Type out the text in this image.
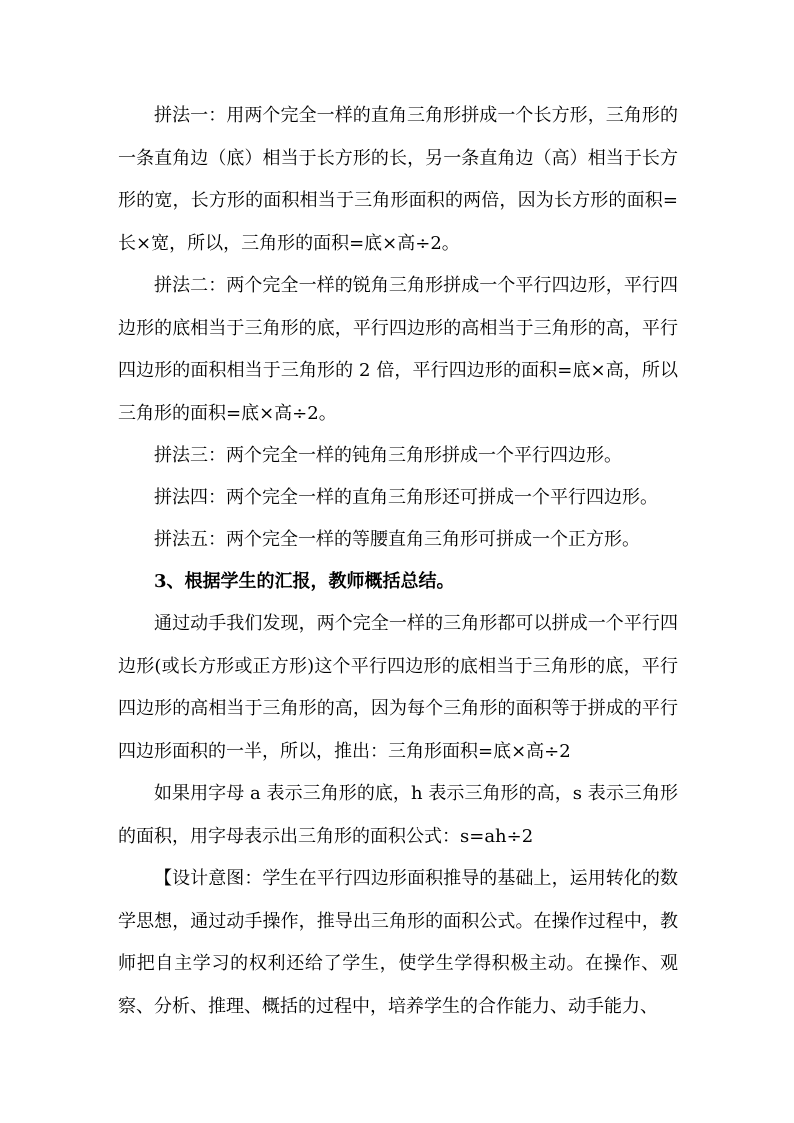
拼法一：用两个完全一样的直角三角形拼成一个长方形，三角形的一条直角边（底）相当于长方形的长，另一条直角边（高）相当于长方形的宽，长方形的面积相当于三角形面积的两倍，因为长方形的面积=长×宽，所以，三角形的面积=底×高÷2。

拼法二：两个完全一样的锐角三角形拼成一个平行四边形，平行四边形的底相当于三角形的底，平行四边形的高相当于三角形的高，平行四边形的面积相当于三角形的 2 倍，平行四边形的面积=底×高，所以三角形的面积=底×高÷2。

拼法三：两个完全一样的钝角三角形拼成一个平行四边形。

拼法四：两个完全一样的直角三角形还可拼成一个平行四边形。

拼法五：两个完全一样的等腰直角三角形可拼成一个正方形。

3、根据学生的汇报，教师概括总结。

通过动手我们发现，两个完全一样的三角形都可以拼成一个平行四边形(或长方形或正方形)这个平行四边形的底相当于三角形的底，平行四边形的高相当于三角形的高，因为每个三角形的面积等于拼成的平行四边形面积的一半，所以，推出：三角形面积=底×高÷2

如果用字母 a 表示三角形的底，h 表示三角形的高，s 表示三角形的面积，用字母表示出三角形的面积公式：s=ah÷2

【设计意图：学生在平行四边形面积推导的基础上，运用转化的数学思想，通过动手操作，推导出三角形的面积公式。在操作过程中，教师把自主学习的权利还给了学生，使学生学得积极主动。在操作、观察、分析、推理、概括的过程中，培养学生的合作能力、动手能力、
